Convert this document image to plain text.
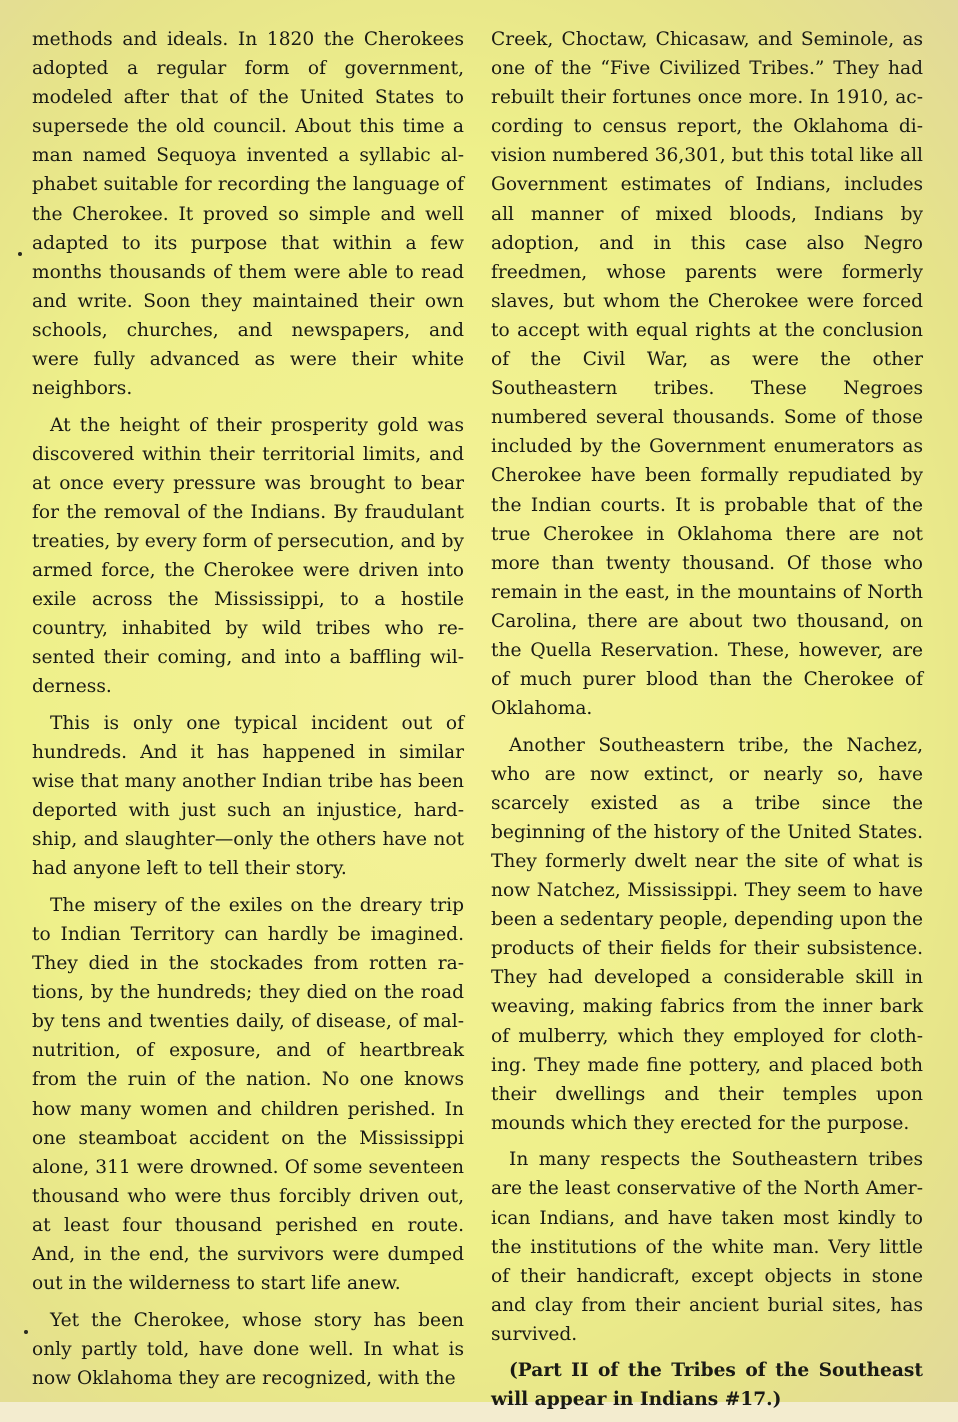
methods and ideals. In 1820 the Cherokees adopted a regular form of government, modeled after that of the United States to supersede the old council. About this time a man named Sequoya invented a syllabic alphabet suitable for recording the language of the Cherokee. It proved so simple and well adapted to its purpose that within a few months thousands of them were able to read and write. Soon they maintained their own schools, churches, and newspapers, and were fully advanced as were their white neighbors.

At the height of their prosperity gold was discovered within their territorial limits, and at once every pressure was brought to bear for the removal of the Indians. By fraudulant treaties, by every form of persecution, and by armed force, the Cherokee were driven into exile across the Mississippi, to a hostile country, inhabited by wild tribes who resented their coming, and into a baffling wilderness.

This is only one typical incident out of hundreds. And it has happened in similar wise that many another Indian tribe has been deported with just such an injustice, hardship, and slaughter—only the others have not had anyone left to tell their story.

The misery of the exiles on the dreary trip to Indian Territory can hardly be imagined. They died in the stockades from rotten rations, by the hundreds; they died on the road by tens and twenties daily, of disease, of malnutrition, of exposure, and of heartbreak from the ruin of the nation. No one knows how many women and children perished. In one steamboat accident on the Mississippi alone, 311 were drowned. Of some seventeen thousand who were thus forcibly driven out, at least four thousand perished en route. And, in the end, the survivors were dumped out in the wilderness to start life anew.

Yet the Cherokee, whose story has been only partly told, have done well. In what is now Oklahoma they are recognized, with the

Creek, Choctaw, Chicasaw, and Seminole, as one of the “Five Civilized Tribes.” They had rebuilt their fortunes once more. In 1910, according to census report, the Oklahoma division numbered 36,301, but this total like all Government estimates of Indians, includes all manner of mixed bloods, Indians by adoption, and in this case also Negro freedmen, whose parents were formerly slaves, but whom the Cherokee were forced to accept with equal rights at the conclusion of the Civil War, as were the other Southeastern tribes. These Negroes numbered several thousands. Some of those included by the Government enumerators as Cherokee have been formally repudiated by the Indian courts. It is probable that of the true Cherokee in Oklahoma there are not more than twenty thousand. Of those who remain in the east, in the mountains of North Carolina, there are about two thousand, on the Quella Reservation. These, however, are of much purer blood than the Cherokee of Oklahoma.

Another Southeastern tribe, the Nachez, who are now extinct, or nearly so, have scarcely existed as a tribe since the beginning of the history of the United States. They formerly dwelt near the site of what is now Natchez, Mississippi. They seem to have been a sedentary people, depending upon the products of their fields for their subsistence. They had developed a considerable skill in weaving, making fabrics from the inner bark of mulberry, which they employed for clothing. They made fine pottery, and placed both their dwellings and their temples upon mounds which they erected for the purpose.

In many respects the Southeastern tribes are the least conservative of the North American Indians, and have taken most kindly to the institutions of the white man. Very little of their handicraft, except objects in stone and clay from their ancient burial sites, has survived.

(Part II of the Tribes of the Southeast will appear in Indians #17.)
